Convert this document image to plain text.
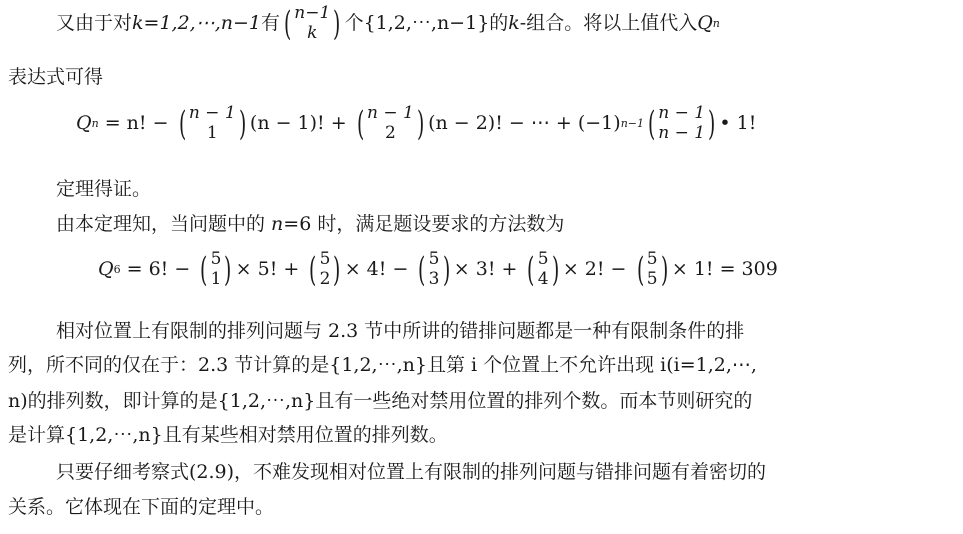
又由于对 k=1,2,⋯,n−1 有 ( n−1
k ) 个{1,2,⋯,n−1}的 k -组合。将以上值代入 Q n
表达式可得
Q n = n! − ( n − 1
1 ) (n − 1)! + ( n − 1
2 ) (n − 2)! − ⋯ + (−1) n−1 ( n − 1
n − 1 ) • 1!
定理得证。
由本定理知，当问题中的 n=6 时，满足题设要求的方法数为
Q 6 = 6! − ( 5
1 ) × 5! + ( 5
2 ) × 4! − ( 5
3 ) × 3! + ( 5
4 ) × 2! − ( 5
5 ) × 1! = 309
相对位置上有限制的排列问题与 2.3 节中所讲的错排问题都是一种有限制条件的排
列，所不同的仅在于：2.3 节计算的是{1,2,⋯,n}且第 i 个位置上不允许出现 i(i=1,2,⋯,
n)的排列数，即计算的是{1,2,⋯,n}且有一些绝对禁用位置的排列个数。而本节则研究的
是计算{1,2,⋯,n}且有某些相对禁用位置的排列数。
只要仔细考察式(2.9)，不难发现相对位置上有限制的排列问题与错排问题有着密切的
关系。它体现在下面的定理中。
